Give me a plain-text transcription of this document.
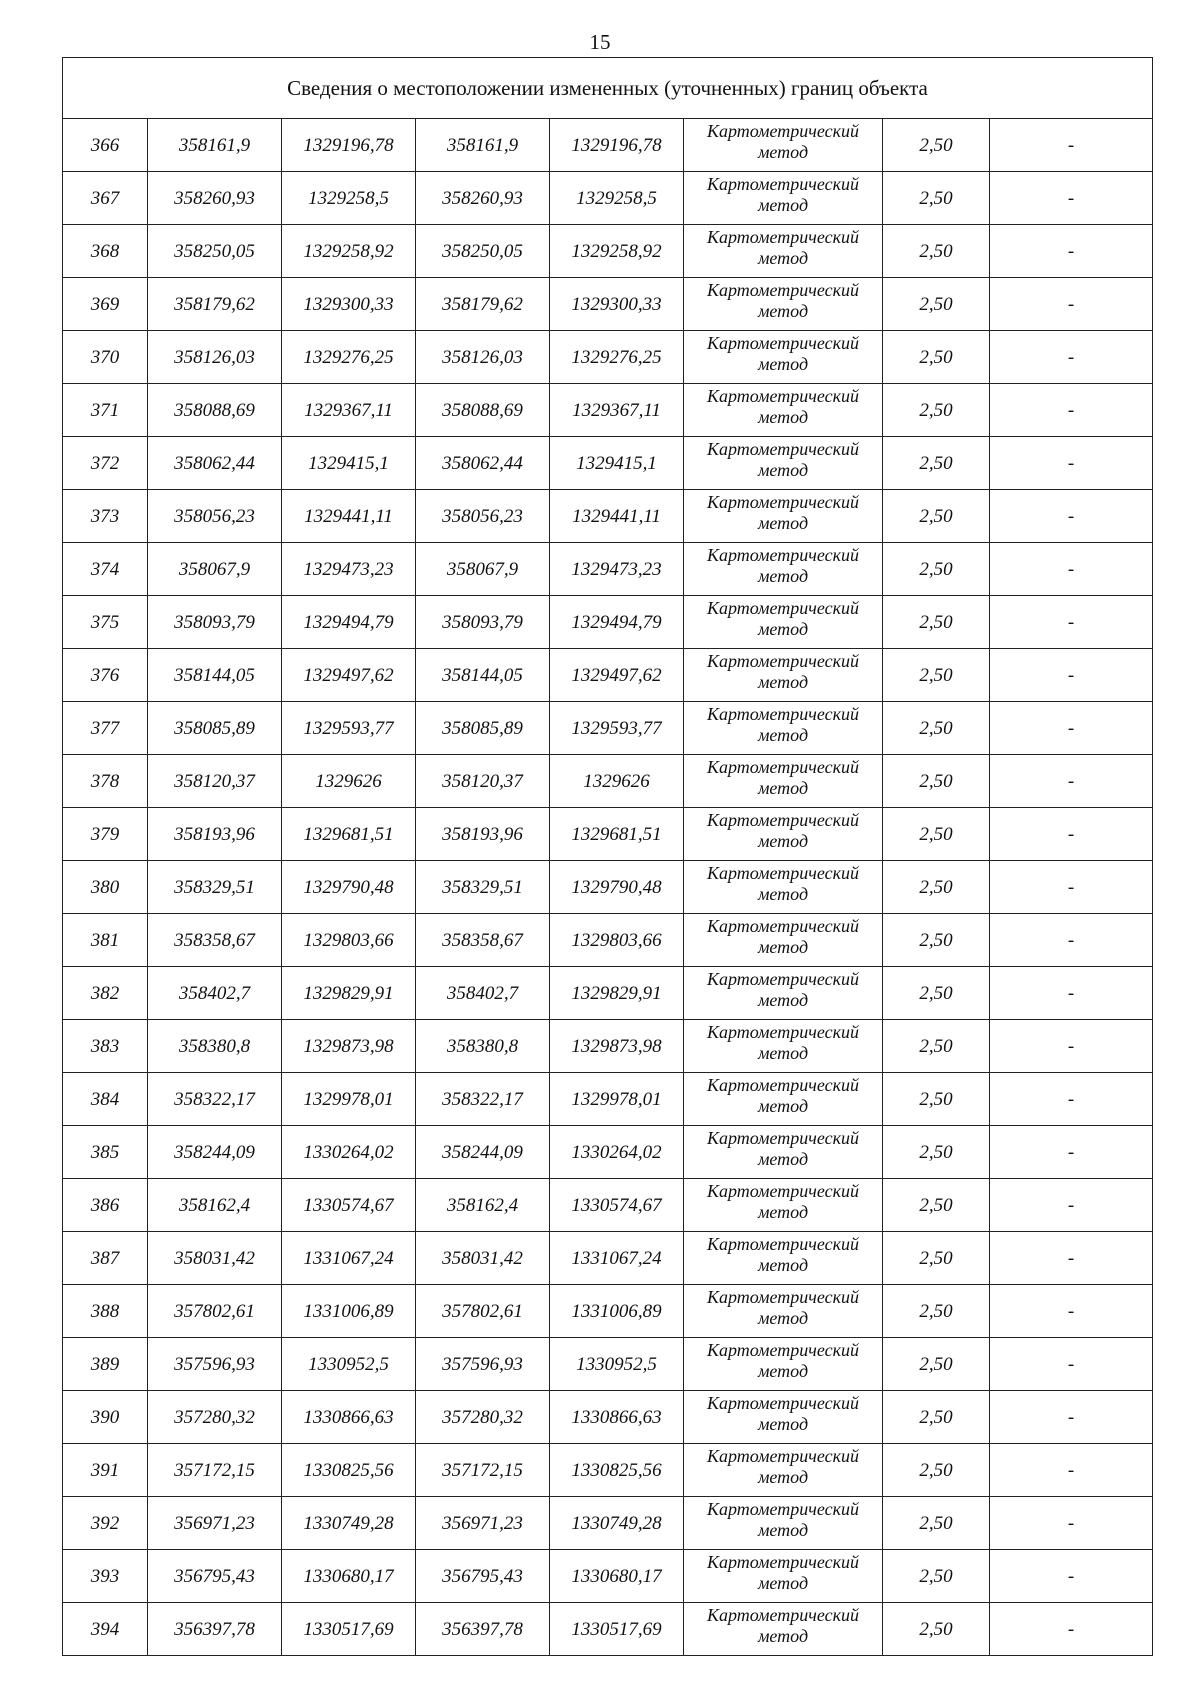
15
Сведения о местоположении измененных (уточненных) границ объекта							
366	358161,9	1329196,78	358161,9	1329196,78	Картометрический
метод	2,50	-
367	358260,93	1329258,5	358260,93	1329258,5	Картометрический
метод	2,50	-
368	358250,05	1329258,92	358250,05	1329258,92	Картометрический
метод	2,50	-
369	358179,62	1329300,33	358179,62	1329300,33	Картометрический
метод	2,50	-
370	358126,03	1329276,25	358126,03	1329276,25	Картометрический
метод	2,50	-
371	358088,69	1329367,11	358088,69	1329367,11	Картометрический
метод	2,50	-
372	358062,44	1329415,1	358062,44	1329415,1	Картометрический
метод	2,50	-
373	358056,23	1329441,11	358056,23	1329441,11	Картометрический
метод	2,50	-
374	358067,9	1329473,23	358067,9	1329473,23	Картометрический
метод	2,50	-
375	358093,79	1329494,79	358093,79	1329494,79	Картометрический
метод	2,50	-
376	358144,05	1329497,62	358144,05	1329497,62	Картометрический
метод	2,50	-
377	358085,89	1329593,77	358085,89	1329593,77	Картометрический
метод	2,50	-
378	358120,37	1329626	358120,37	1329626	Картометрический
метод	2,50	-
379	358193,96	1329681,51	358193,96	1329681,51	Картометрический
метод	2,50	-
380	358329,51	1329790,48	358329,51	1329790,48	Картометрический
метод	2,50	-
381	358358,67	1329803,66	358358,67	1329803,66	Картометрический
метод	2,50	-
382	358402,7	1329829,91	358402,7	1329829,91	Картометрический
метод	2,50	-
383	358380,8	1329873,98	358380,8	1329873,98	Картометрический
метод	2,50	-
384	358322,17	1329978,01	358322,17	1329978,01	Картометрический
метод	2,50	-
385	358244,09	1330264,02	358244,09	1330264,02	Картометрический
метод	2,50	-
386	358162,4	1330574,67	358162,4	1330574,67	Картометрический
метод	2,50	-
387	358031,42	1331067,24	358031,42	1331067,24	Картометрический
метод	2,50	-
388	357802,61	1331006,89	357802,61	1331006,89	Картометрический
метод	2,50	-
389	357596,93	1330952,5	357596,93	1330952,5	Картометрический
метод	2,50	-
390	357280,32	1330866,63	357280,32	1330866,63	Картометрический
метод	2,50	-
391	357172,15	1330825,56	357172,15	1330825,56	Картометрический
метод	2,50	-
392	356971,23	1330749,28	356971,23	1330749,28	Картометрический
метод	2,50	-
393	356795,43	1330680,17	356795,43	1330680,17	Картометрический
метод	2,50	-
394	356397,78	1330517,69	356397,78	1330517,69	Картометрический
метод	2,50	-
